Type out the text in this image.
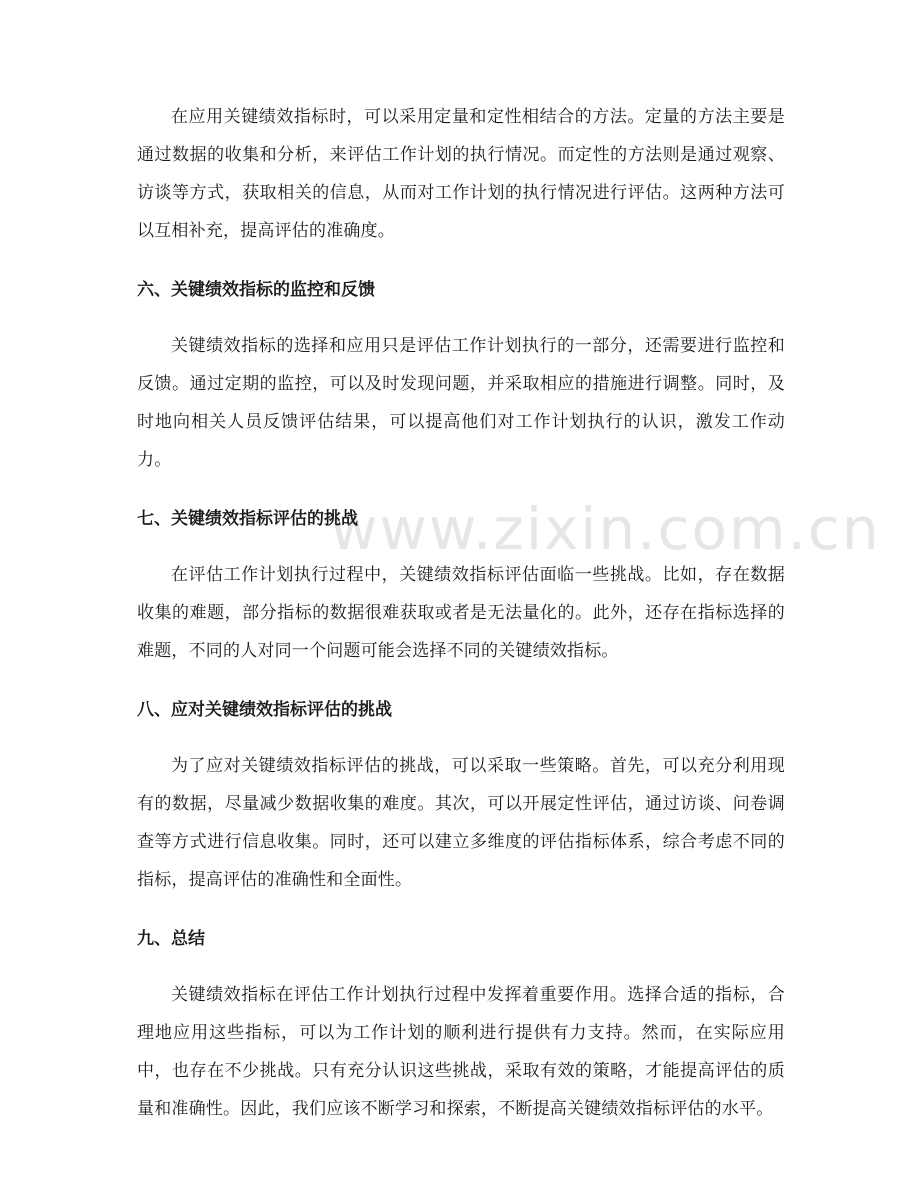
www.zixin.com.cn

在应用关键绩效指标时，可以采用定量和定性相结合的方法。定量的方法主要是通过数据的收集和分析，来评估工作计划的执行情况。而定性的方法则是通过观察、访谈等方式，获取相关的信息，从而对工作计划的执行情况进行评估。这两种方法可以互相补充，提高评估的准确度。

六、关键绩效指标的监控和反馈

关键绩效指标的选择和应用只是评估工作计划执行的一部分，还需要进行监控和反馈。通过定期的监控，可以及时发现问题，并采取相应的措施进行调整。同时，及时地向相关人员反馈评估结果，可以提高他们对工作计划执行的认识，激发工作动力。

七、关键绩效指标评估的挑战

在评估工作计划执行过程中，关键绩效指标评估面临一些挑战。比如，存在数据收集的难题，部分指标的数据很难获取或者是无法量化的。此外，还存在指标选择的难题，不同的人对同一个问题可能会选择不同的关键绩效指标。

八、应对关键绩效指标评估的挑战

为了应对关键绩效指标评估的挑战，可以采取一些策略。首先，可以充分利用现有的数据，尽量减少数据收集的难度。其次，可以开展定性评估，通过访谈、问卷调查等方式进行信息收集。同时，还可以建立多维度的评估指标体系，综合考虑不同的指标，提高评估的准确性和全面性。

九、总结

关键绩效指标在评估工作计划执行过程中发挥着重要作用。选择合适的指标，合理地应用这些指标，可以为工作计划的顺利进行提供有力支持。然而，在实际应用中，也存在不少挑战。只有充分认识这些挑战，采取有效的策略，才能提高评估的质量和准确性。因此，我们应该不断学习和探索，不断提高关键绩效指标评估的水平。
